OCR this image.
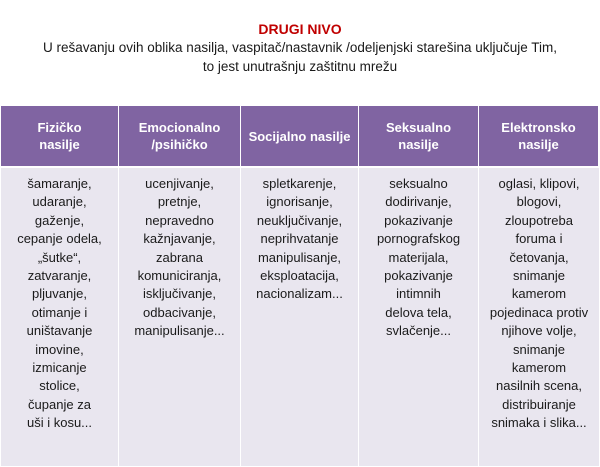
DRUGI NIVO
U rešavanju ovih oblika nasilja, vaspitač/nastavnik /odeljenjski starešina uključuje Tim,
to jest unutrašnju zaštitnu mrežu
Fizičko
nasilje
Emocionalno
/psihičko
Socijalno nasilje
Seksualno nasilje
Elektronsko
nasilje
šamaranje,
udaranje,
gaženje,
cepanje odela,
„šutke“,
zatvaranje,
pljuvanje,
otimanje i
uništavanje
imovine,
izmicanje
stolice,
čupanje za
uši i kosu...
ucenjivanje,
pretnje,
nepravedno
kažnjavanje,
zabrana
komuniciranja,
isključivanje,
odbacivanje,
manipulisanje...
spletkarenje,
ignorisanje,
neuključivanje,
neprihvatanje
manipulisanje,
eksploatacija,
nacionalizam...
seksualno
dodirivanje,
pokazivanje
pornografskog
materijala,
pokazivanje
intimnih
delova tela,
svlačenje...
oglasi, klipovi,
blogovi,
zloupotreba
foruma i
četovanja,
snimanje
kamerom
pojedinaca protiv
njihove volje,
snimanje
kamerom
nasilnih scena,
distribuiranje
snimaka i slika...
